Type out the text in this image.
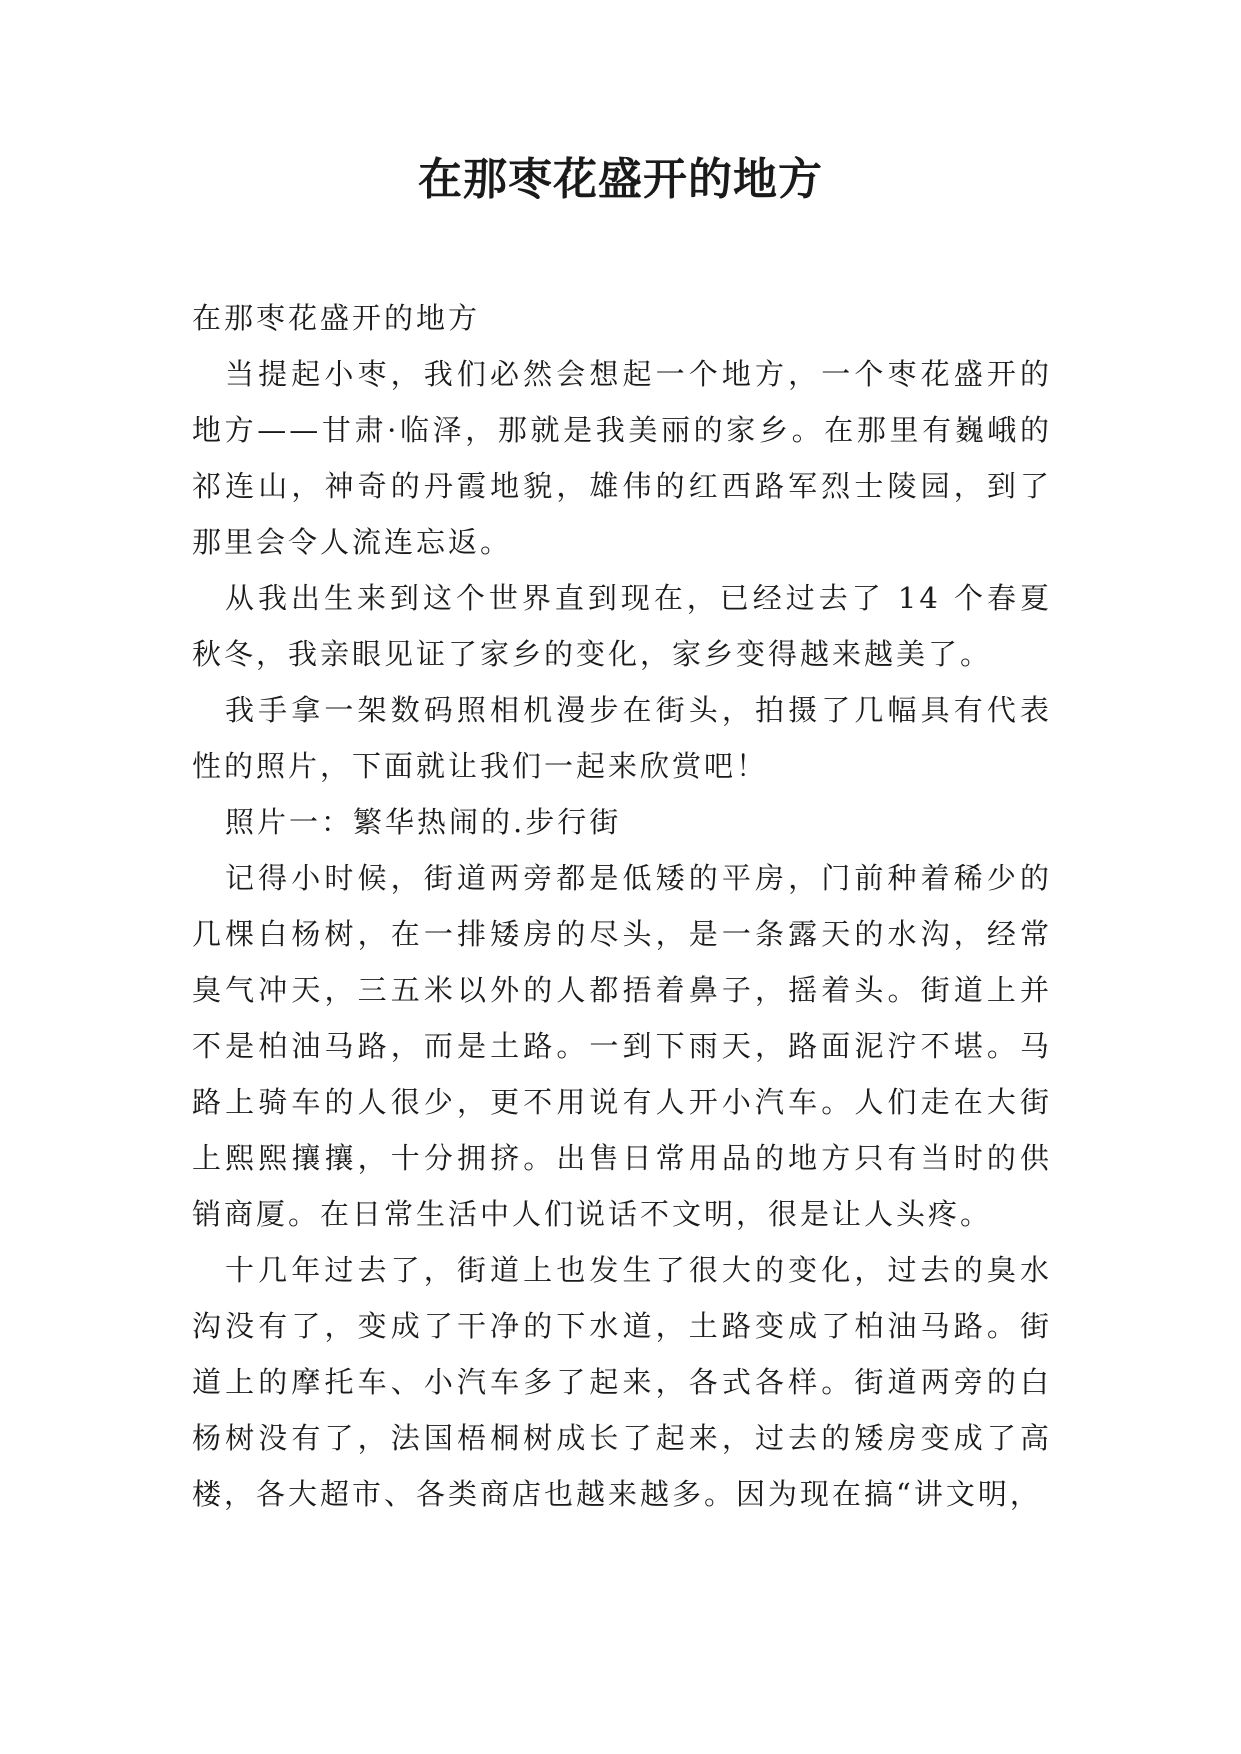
在那枣花盛开的地方

在那枣花盛开的地方

当提起小枣，我们必然会想起一个地方，一个枣花盛开的地方——甘肃·临泽，那就是我美丽的家乡。在那里有巍峨的祁连山，神奇的丹霞地貌，雄伟的红西路军烈士陵园，到了那里会令人流连忘返。

从我出生来到这个世界直到现在，已经过去了 14 个春夏秋冬，我亲眼见证了家乡的变化，家乡变得越来越美了。

我手拿一架数码照相机漫步在街头，拍摄了几幅具有代表性的照片，下面就让我们一起来欣赏吧！

照片一：繁华热闹的.步行街

记得小时候，街道两旁都是低矮的平房，门前种着稀少的几棵白杨树，在一排矮房的尽头，是一条露天的水沟，经常臭气冲天，三五米以外的人都捂着鼻子，摇着头。街道上并不是柏油马路，而是土路。一到下雨天，路面泥泞不堪。马路上骑车的人很少，更不用说有人开小汽车。人们走在大街上熙熙攘攘，十分拥挤。出售日常用品的地方只有当时的供销商厦。在日常生活中人们说话不文明，很是让人头疼。

十几年过去了，街道上也发生了很大的变化，过去的臭水沟没有了，变成了干净的下水道，土路变成了柏油马路。街道上的摩托车、小汽车多了起来，各式各样。街道两旁的白杨树没有了，法国梧桐树成长了起来，过去的矮房变成了高楼，各大超市、各类商店也越来越多。因为现在搞“讲文明，
